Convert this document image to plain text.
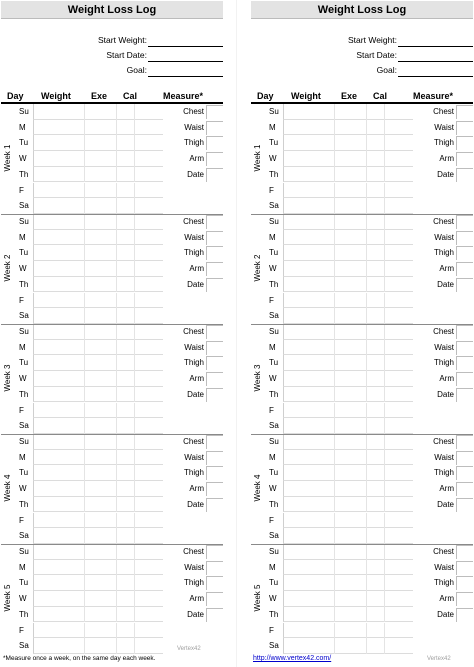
Weight Loss Log
Start Weight:
Start Date:
Goal:
Day Weight Exe Cal	Measure*
Week 1
Su	Chest
M	Waist
Tu	Thigh
W	Arm
Th	Date
F
Sa
Week 2
Su	Chest
M	Waist
Tu	Thigh
W	Arm
Th	Date
F
Sa
Week 3
Su	Chest
M	Waist
Tu	Thigh
W	Arm
Th	Date
F
Sa
Week 4
Su	Chest
M	Waist
Tu	Thigh
W	Arm
Th	Date
F
Sa
Week 5
Su	Chest
M	Waist
Tu	Thigh
W	Arm
Th	Date
F
Sa
*Measure once a week, on the same day each week.
Vertex42
Weight Loss Log
Start Weight:
Start Date:
Goal:
Day Weight Exe Cal	Measure*
Week 1
Su	Chest
M	Waist
Tu	Thigh
W	Arm
Th	Date
F
Sa
Week 2
Su	Chest
M	Waist
Tu	Thigh
W	Arm
Th	Date
F
Sa
Week 3
Su	Chest
M	Waist
Tu	Thigh
W	Arm
Th	Date
F
Sa
Week 4
Su	Chest
M	Waist
Tu	Thigh
W	Arm
Th	Date
F
Sa
Week 5
Su	Chest
M	Waist
Tu	Thigh
W	Arm
Th	Date
F
Sa
http://www.vertex42.com/	Vertex42
